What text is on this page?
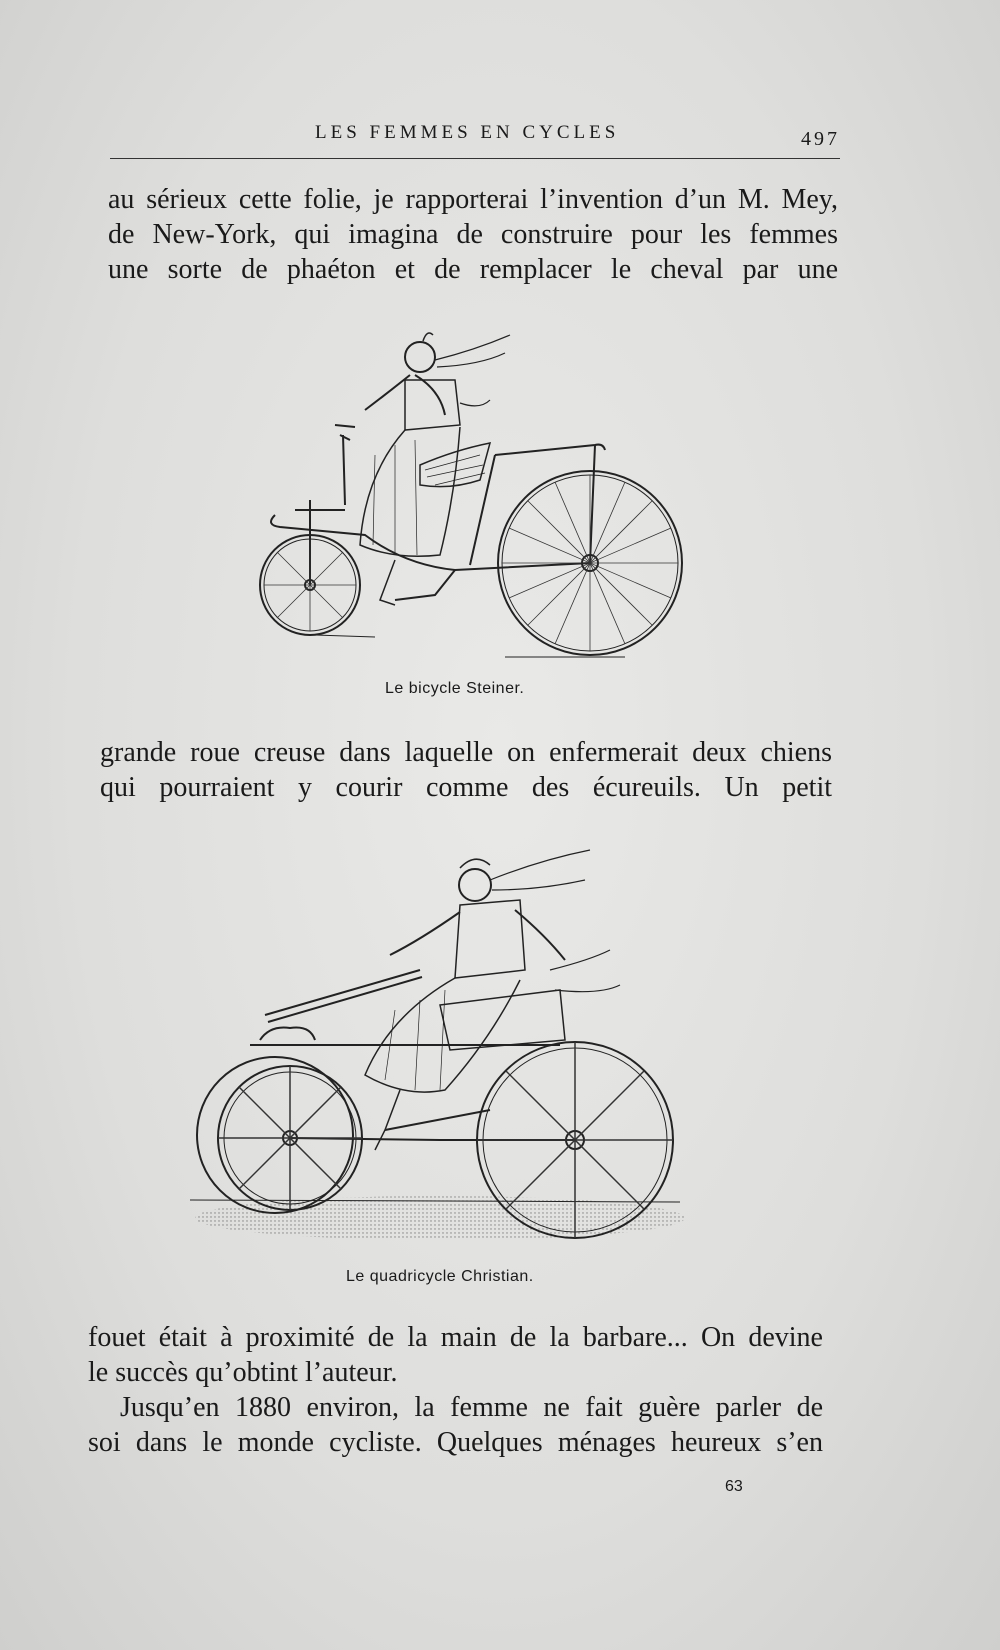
LES FEMMES EN CYCLES	497

au sérieux cette folie, je rapporterai l’invention d’un M. Mey,
de New-York, qui imagina de construire pour les femmes
une sorte de phaéton et de remplacer le cheval par une

Le bicycle Steiner.

grande roue creuse dans laquelle on enfermerait deux chiens
qui pourraient y courir comme des écureuils. Un petit

Le quadricycle Christian.

fouet était à proximité de la main de la barbare... On devine
le succès qu’obtint l’auteur.

Jusqu’en 1880 environ, la femme ne fait guère parler de
soi dans le monde cycliste. Quelques ménages heureux s’en

63
